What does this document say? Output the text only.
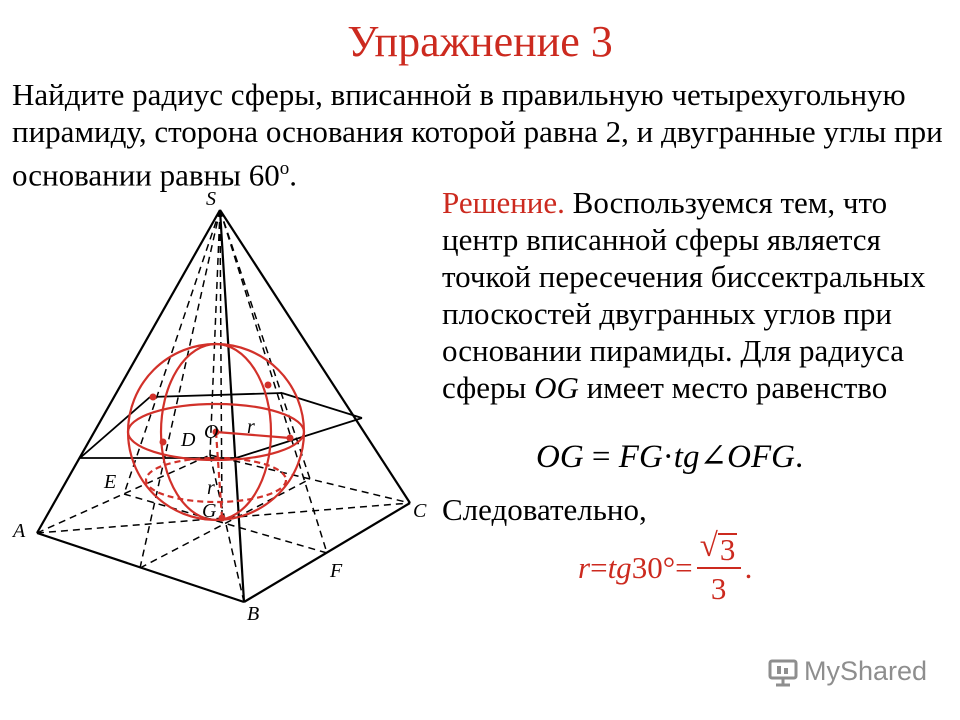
Упражнение 3
Найдите радиус сферы, вписанной в правильную четырехугольную пирамиду, сторона основания которой равна 2, и двугранные углы при основании равны $60^о$.
Решение. Воспользуемся тем, что центр вписанной сферы является точкой пересечения биссектральных плоскостей двугранных углов при основании пирамиды. Для радиуса сферы OG имеет место равенство
OG = FG·tg∠OFG.
Следовательно,
r = tg 30 ° = $\frac{√ 3}{3}$ .
S
A
B
C
D
E
F
G
O r
r
MyShared
